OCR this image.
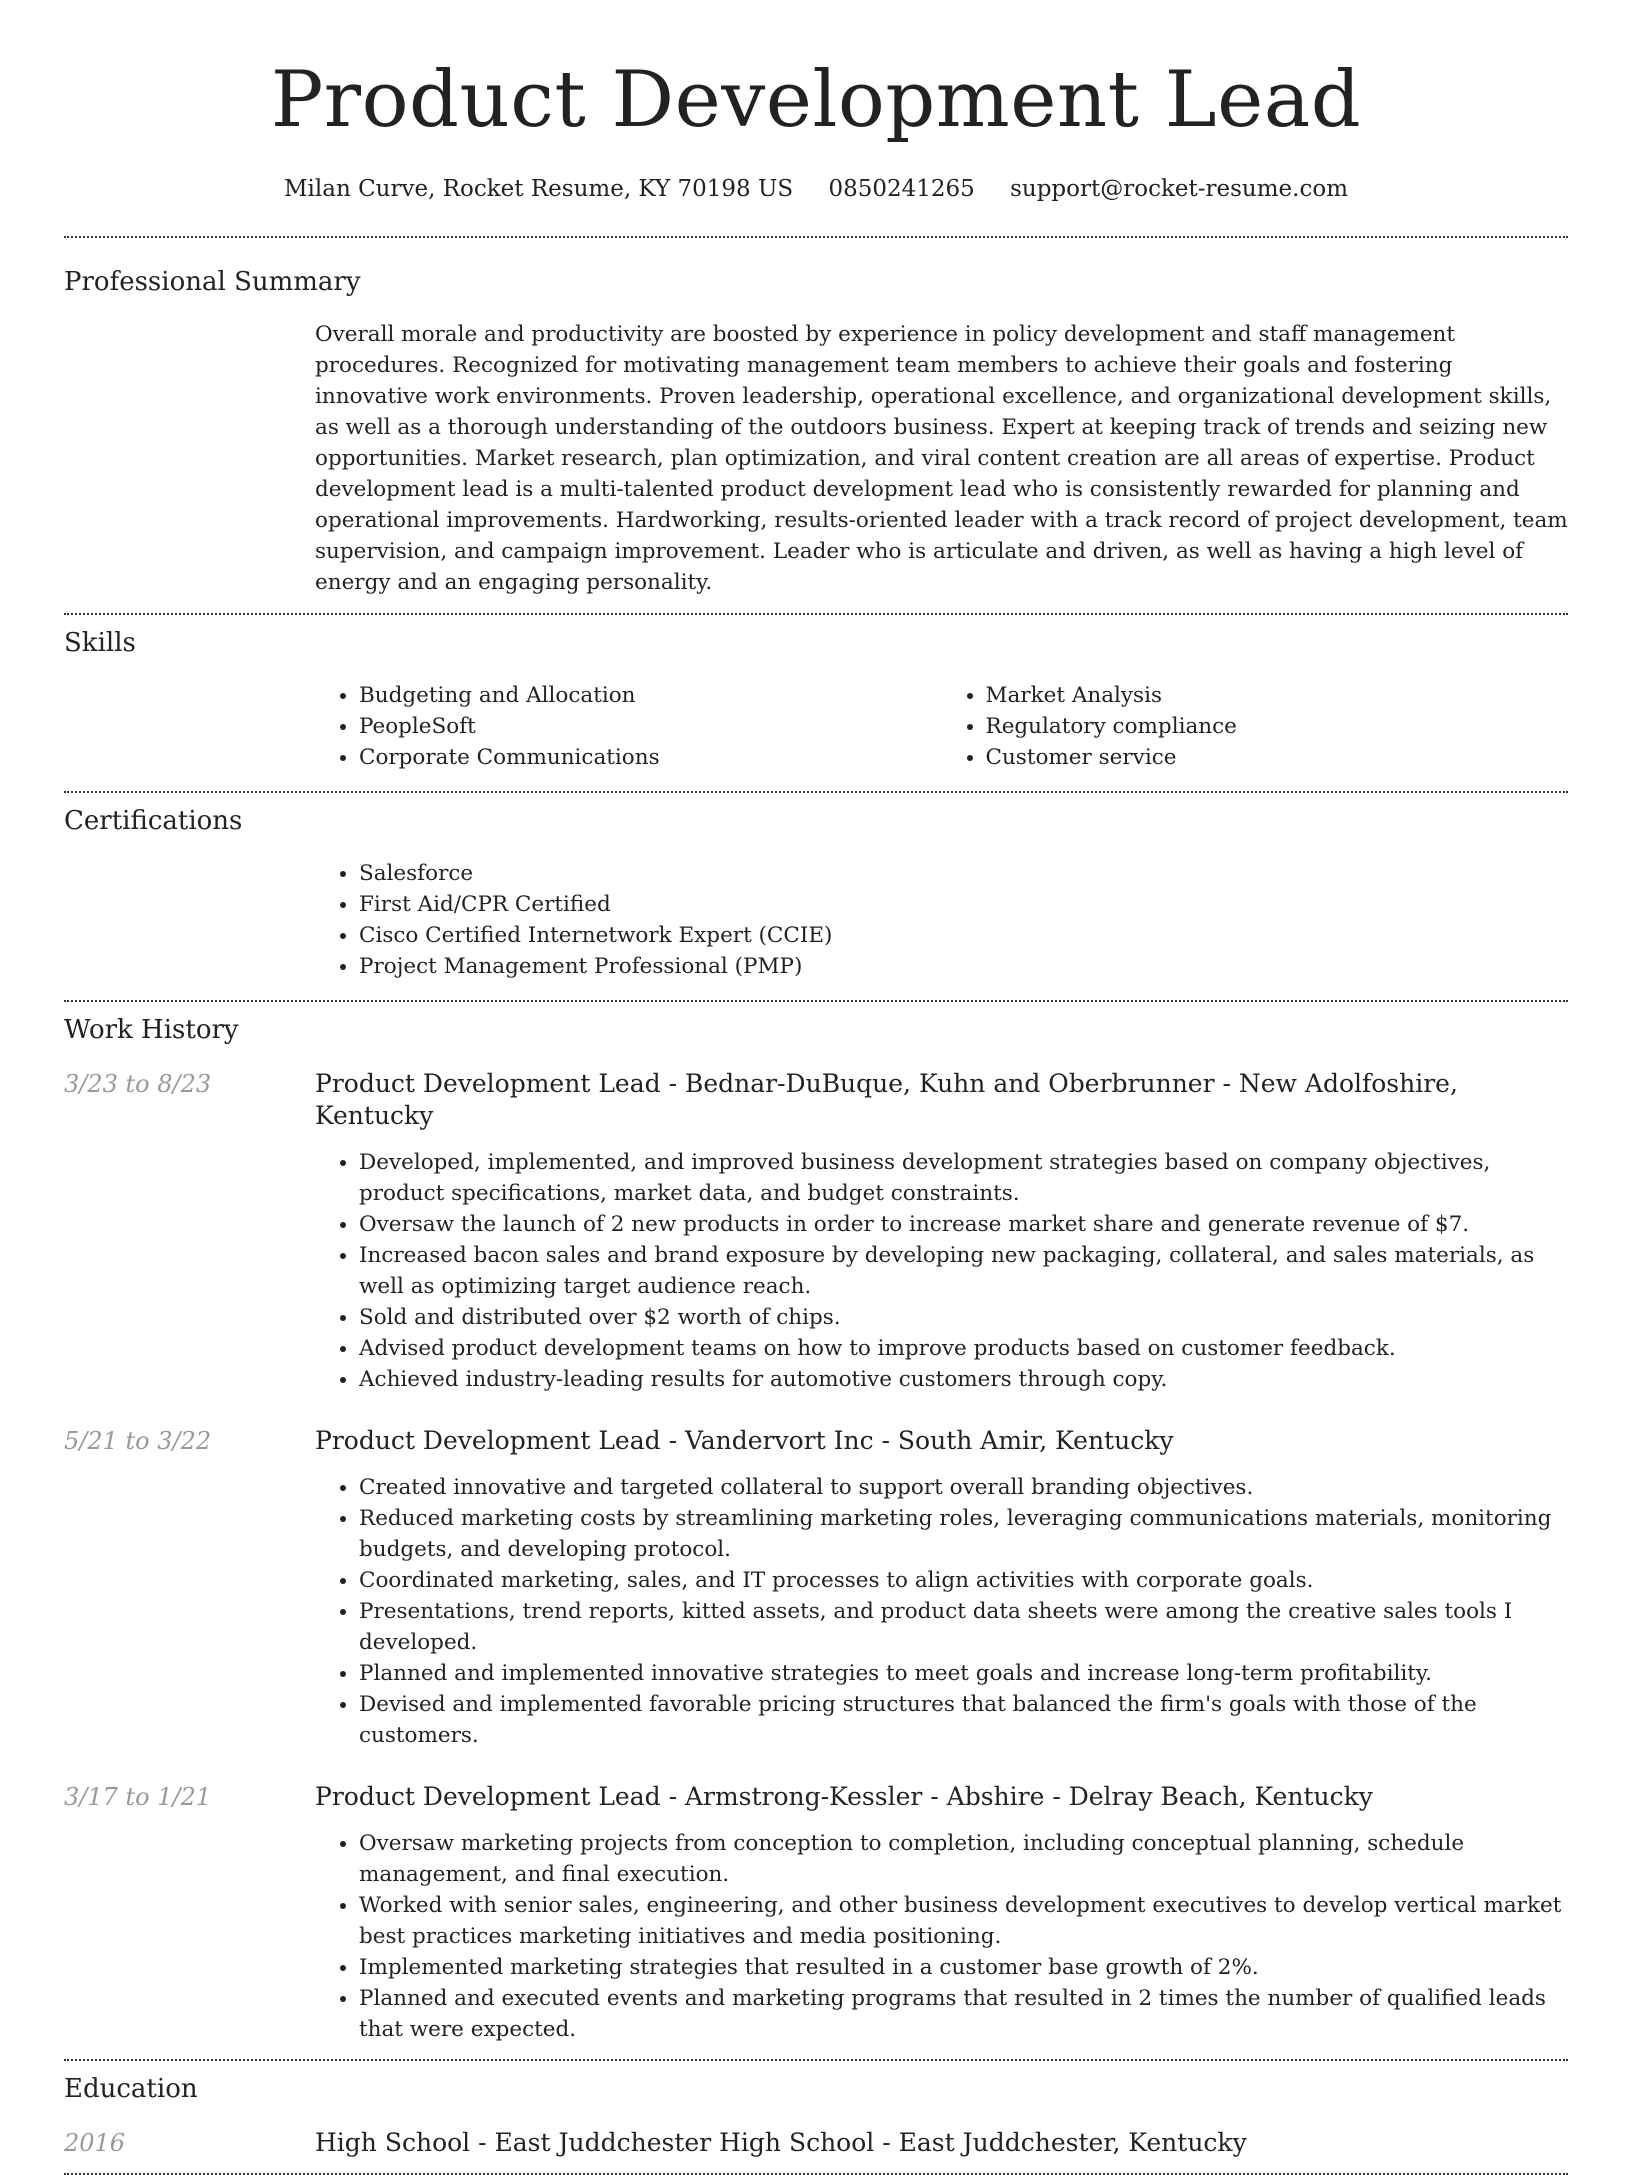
Product Development Lead
Milan Curve, Rocket Resume, KY 70198 US 0850241265 support@rocket-resume.com
Professional Summary

Overall morale and productivity are boosted by experience in policy development and staff management procedures. Recognized for motivating management team members to achieve their goals and fostering innovative work environments. Proven leadership, operational excellence, and organizational development skills, as well as a thorough understanding of the outdoors business. Expert at keeping track of trends and seizing new opportunities. Market research, plan optimization, and viral content creation are all areas of expertise. Product development lead is a multi-talented product development lead who is consistently rewarded for planning and operational improvements. Hardworking, results-oriented leader with a track record of project development, team supervision, and campaign improvement. Leader who is articulate and driven, as well as having a high level of energy and an engaging personality.

Skills
• Budgeting and Allocation
• PeopleSoft
• Corporate Communications
• Market Analysis
• Regulatory compliance
• Customer service
Certifications
• Salesforce
• First Aid/CPR Certified
• Cisco Certified Internetwork Expert (CCIE)
• Project Management Professional (PMP)
Work History
3/23 to 8/23	Product Development Lead - Bednar-DuBuque, Kuhn and Oberbrunner - New Adolfoshire, Kentucky
• Developed, implemented, and improved business development strategies based on company objectives, product specifications, market data, and budget constraints.
• Oversaw the launch of 2 new products in order to increase market share and generate revenue of $7.
• Increased bacon sales and brand exposure by developing new packaging, collateral, and sales materials, as well as optimizing target audience reach.
• Sold and distributed over $2 worth of chips.
• Advised product development teams on how to improve products based on customer feedback.
• Achieved industry-leading results for automotive customers through copy.
5/21 to 3/22	Product Development Lead - Vandervort Inc - South Amir, Kentucky
• Created innovative and targeted collateral to support overall branding objectives.
• Reduced marketing costs by streamlining marketing roles, leveraging communications materials, monitoring budgets, and developing protocol.
• Coordinated marketing, sales, and IT processes to align activities with corporate goals.
• Presentations, trend reports, kitted assets, and product data sheets were among the creative sales tools I developed.
• Planned and implemented innovative strategies to meet goals and increase long-term profitability.
• Devised and implemented favorable pricing structures that balanced the firm's goals with those of the customers.
3/17 to 1/21	Product Development Lead - Armstrong-Kessler - Abshire - Delray Beach, Kentucky
• Oversaw marketing projects from conception to completion, including conceptual planning, schedule management, and final execution.
• Worked with senior sales, engineering, and other business development executives to develop vertical market best practices marketing initiatives and media positioning.
• Implemented marketing strategies that resulted in a customer base growth of 2%.
• Planned and executed events and marketing programs that resulted in 2 times the number of qualified leads that were expected.
Education
2016	High School - East Juddchester High School - East Juddchester, Kentucky
